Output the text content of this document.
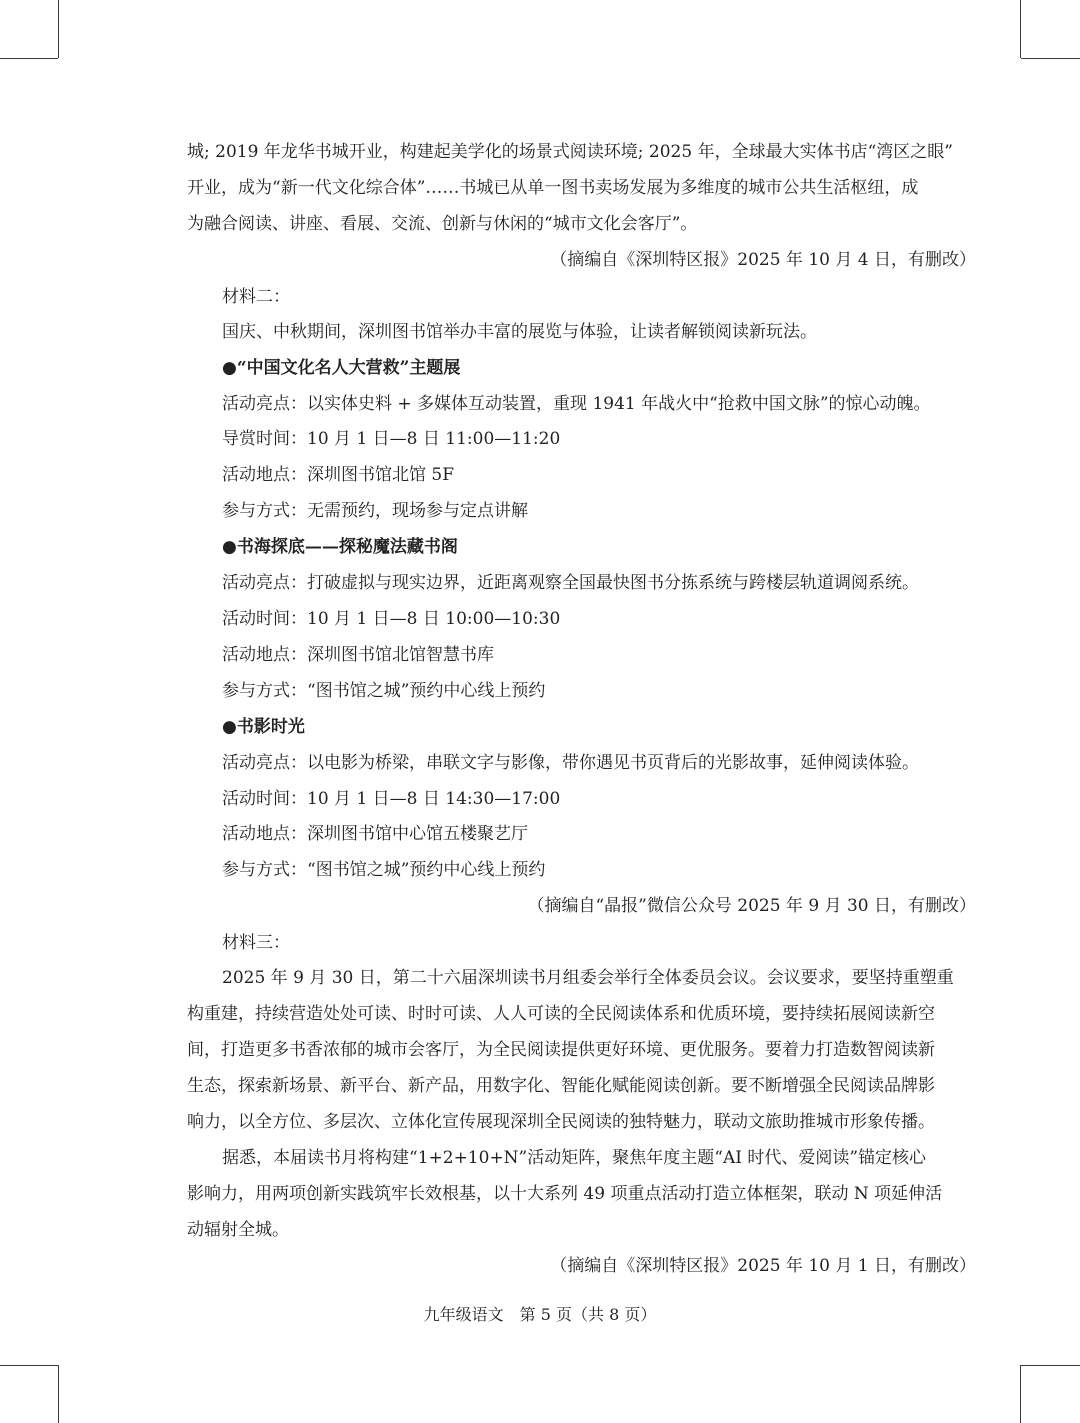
城; 2019 年龙华书城开业，构建起美学化的场景式阅读环境; 2025 年，全球最大实体书店“湾区之眼”
开业，成为“新一代文化综合体”……书城已从单一图书卖场发展为多维度的城市公共生活枢纽，成
为融合阅读、讲座、看展、交流、创新与休闲的“城市文化会客厅”。
（摘编自《深圳特区报》2025 年 10 月 4 日，有删改）
材料二：
国庆、中秋期间，深圳图书馆举办丰富的展览与体验，让读者解锁阅读新玩法。
●“中国文化名人大营救”主题展
活动亮点：以实体史料 + 多媒体互动装置，重现 1941 年战火中“抢救中国文脉”的惊心动魄。
导赏时间：10 月 1 日—8 日 11:00—11:20
活动地点：深圳图书馆北馆 5F
参与方式：无需预约，现场参与定点讲解
●书海探底——探秘魔法藏书阁
活动亮点：打破虚拟与现实边界，近距离观察全国最快图书分拣系统与跨楼层轨道调阅系统。
活动时间：10 月 1 日—8 日 10:00—10:30
活动地点：深圳图书馆北馆智慧书库
参与方式：“图书馆之城”预约中心线上预约
●书影时光
活动亮点：以电影为桥梁，串联文字与影像，带你遇见书页背后的光影故事，延伸阅读体验。
活动时间：10 月 1 日—8 日 14:30—17:00
活动地点：深圳图书馆中心馆五楼聚艺厅
参与方式：“图书馆之城”预约中心线上预约
（摘编自“晶报”微信公众号 2025 年 9 月 30 日，有删改）
材料三：
2025 年 9 月 30 日，第二十六届深圳读书月组委会举行全体委员会议。会议要求，要坚持重塑重
构重建，持续营造处处可读、时时可读、人人可读的全民阅读体系和优质环境，要持续拓展阅读新空
间，打造更多书香浓郁的城市会客厅，为全民阅读提供更好环境、更优服务。要着力打造数智阅读新
生态，探索新场景、新平台、新产品，用数字化、智能化赋能阅读创新。要不断增强全民阅读品牌影
响力，以全方位、多层次、立体化宣传展现深圳全民阅读的独特魅力，联动文旅助推城市形象传播。
据悉，本届读书月将构建“1+2+10+N”活动矩阵，聚焦年度主题“AI 时代、爱阅读”锚定核心
影响力，用两项创新实践筑牢长效根基，以十大系列 49 项重点活动打造立体框架，联动 N 项延伸活
动辐射全城。
（摘编自《深圳特区报》2025 年 10 月 1 日，有删改）
九年级语文　第 5 页（共 8 页）
